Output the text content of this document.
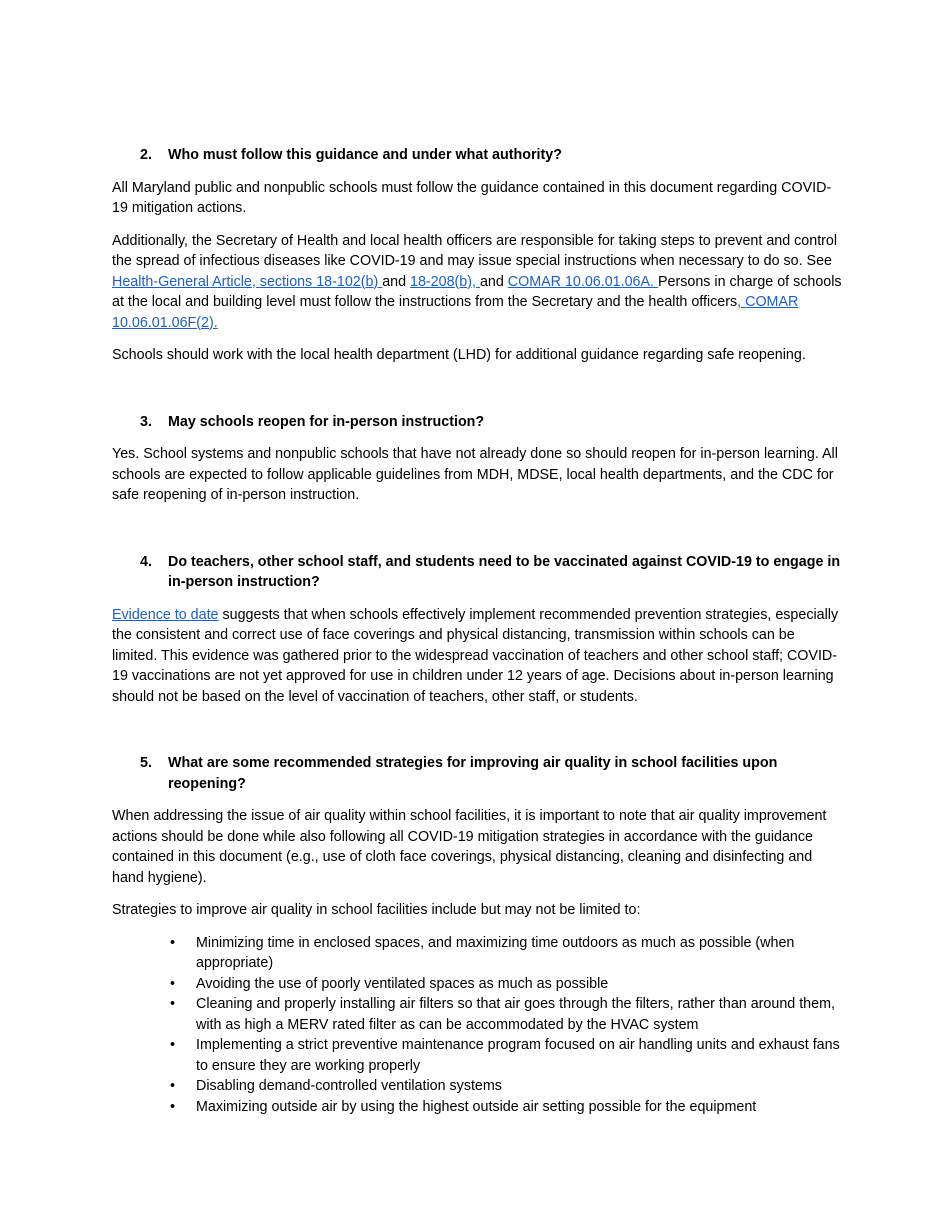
2.	Who must follow this guidance and under what authority?

All Maryland public and nonpublic schools must follow the guidance contained in this document regarding COVID-19 mitigation actions.

Additionally, the Secretary of Health and local health officers are responsible for taking steps to prevent and control the spread of infectious diseases like COVID-19 and may issue special instructions when necessary to do so. See Health-General Article, sections 18-102(b) and 18-208(b), and COMAR 10.06.01.06A. Persons in charge of schools at the local and building level must follow the instructions from the Secretary and the health officers, COMAR 10.06.01.06F(2).

Schools should work with the local health department (LHD) for additional guidance regarding safe reopening.

3.	May schools reopen for in-person instruction?

Yes. School systems and nonpublic schools that have not already done so should reopen for in-person learning. All schools are expected to follow applicable guidelines from MDH, MDSE, local health departments, and the CDC for safe reopening of in-person instruction.

4.	Do teachers, other school staff, and students need to be vaccinated against COVID-19 to engage in in-person instruction?

Evidence to date suggests that when schools effectively implement recommended prevention strategies, especially the consistent and correct use of face coverings and physical distancing, transmission within schools can be limited. This evidence was gathered prior to the widespread vaccination of teachers and other school staff; COVID-19 vaccinations are not yet approved for use in children under 12 years of age. Decisions about in-person learning should not be based on the level of vaccination of teachers, other staff, or students.

5.	What are some recommended strategies for improving air quality in school facilities upon reopening?

When addressing the issue of air quality within school facilities, it is important to note that air quality improvement actions should be done while also following all COVID-19 mitigation strategies in accordance with the guidance contained in this document (e.g., use of cloth face coverings, physical distancing, cleaning and disinfecting and hand hygiene).

Strategies to improve air quality in school facilities include but may not be limited to:

• Minimizing time in enclosed spaces, and maximizing time outdoors as much as possible (when appropriate)
• Avoiding the use of poorly ventilated spaces as much as possible
• Cleaning and properly installing air filters so that air goes through the filters, rather than around them, with as high a MERV rated filter as can be accommodated by the HVAC system
• Implementing a strict preventive maintenance program focused on air handling units and exhaust fans to ensure they are working properly
• Disabling demand-controlled ventilation systems
• Maximizing outside air by using the highest outside air setting possible for the equipment
